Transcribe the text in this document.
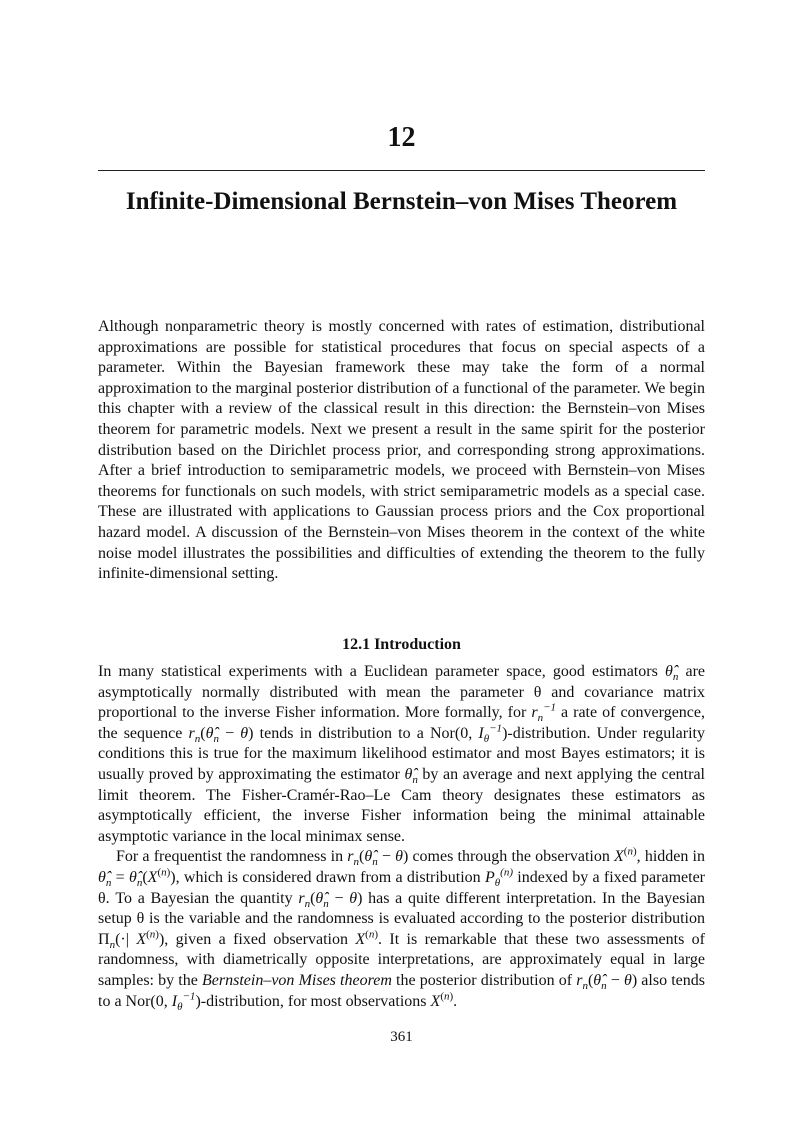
12
Infinite-Dimensional Bernstein–von Mises Theorem
Although nonparametric theory is mostly concerned with rates of estimation, distributional approximations are possible for statistical procedures that focus on special aspects of a parameter. Within the Bayesian framework these may take the form of a normal approximation to the marginal posterior distribution of a functional of the parameter. We begin this chapter with a review of the classical result in this direction: the Bernstein–von Mises theorem for parametric models. Next we present a result in the same spirit for the posterior distribution based on the Dirichlet process prior, and corresponding strong approximations. After a brief introduction to semiparametric models, we proceed with Bernstein–von Mises theorems for functionals on such models, with strict semiparametric models as a special case. These are illustrated with applications to Gaussian process priors and the Cox proportional hazard model. A discussion of the Bernstein–von Mises theorem in the context of the white noise model illustrates the possibilities and difficulties of extending the theorem to the fully infinite-dimensional setting.
12.1 Introduction

In many statistical experiments with a Euclidean parameter space, good estimators $\thetâ_n$ are asymptotically normally distributed with mean the parameter θ and covariance matrix proportional to the inverse Fisher information. More formally, for $r_n^{-1}$ a rate of convergence, the sequence $r_n(\thetâ_n - \theta)$ tends in distribution to a Nor(0, $I_\theta^{-1}$)-distribution. Under regularity conditions this is true for the maximum likelihood estimator and most Bayes estimators; it is usually proved by approximating the estimator $\thetâ_n$ by an average and next applying the central limit theorem. The Fisher-Cramér-Rao–Le Cam theory designates these estimators as asymptotically efficient, the inverse Fisher information being the minimal attainable asymptotic variance in the local minimax sense.

For a frequentist the randomness in $r_n(\thetâ_n - \theta)$ comes through the observation $X^{(n)}$, hidden in $\thetâ_n$ = $\thetâ_n(X^{(n)})$, which is considered drawn from a distribution $P_\theta^{(n)}$ indexed by a fixed parameter θ. To a Bayesian the quantity $r_n(\thetâ_n - \theta)$ has a quite different interpretation. In the Bayesian setup θ is the variable and the randomness is evaluated according to the posterior distribution $\Pi_n(\cdot|$ $X^{(n)}$), given a fixed observation $X^{(n)}$. It is remarkable that these two assessments of randomness, with diametrically opposite interpretations, are approximately equal in large samples: by the Bernstein–von Mises theorem the posterior distribution of $r_n(\thetâ_n - \theta)$ also tends to a Nor(0, $I_\theta^{-1}$)-distribution, for most observations $X^{(n)}$.

361
